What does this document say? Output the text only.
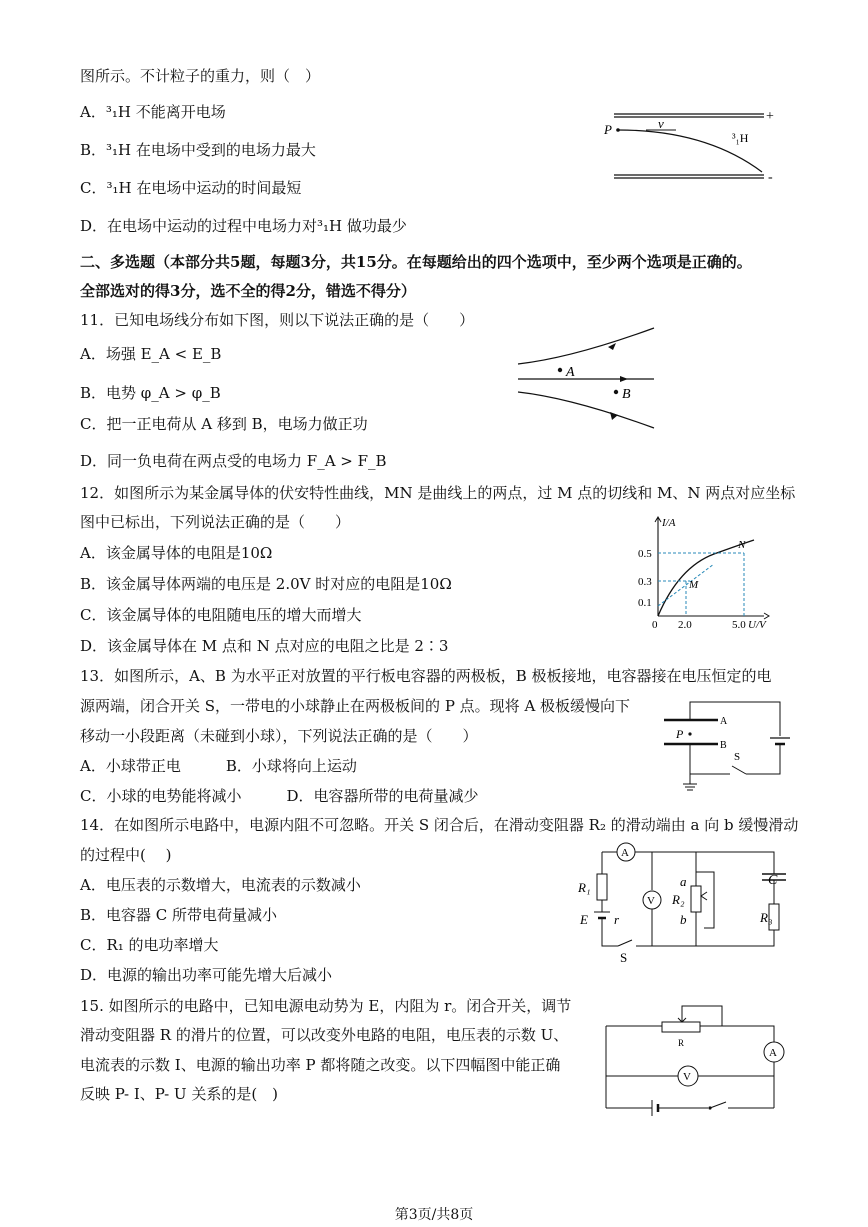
图所示。不计粒子的重力，则（　）
A．³₁H 不能离开电场
B．³₁H 在电场中受到的电场力最大
C．³₁H 在电场中运动的时间最短
D．在电场中运动的过程中电场力对³₁H 做功最少
二、多选题（本部分共5题，每题3分，共15分。在每题给出的四个选项中，至少两个选项是正确的。
全部选对的得3分，选不全的得2分，错选不得分）
11．已知电场线分布如下图，则以下说法正确的是（　　）
A．场强 E_A < E_B
B．电势 φ_A > φ_B
C．把一正电荷从 A 移到 B，电场力做正功
D．同一负电荷在两点受的电场力 F_A > F_B
12．如图所示为某金属导体的伏安特性曲线，MN 是曲线上的两点，过 M 点的切线和 M、N 两点对应坐标
图中已标出，下列说法正确的是（　　）
A．该金属导体的电阻是10Ω
B．该金属导体两端的电压是 2.0V 时对应的电阻是10Ω
C．该金属导体的电阻随电压的增大而增大
D．该金属导体在 M 点和 N 点对应的电阻之比是 2∶3
13．如图所示，A、B 为水平正对放置的平行板电容器的两极板，B 极板接地，电容器接在电压恒定的电
源两端，闭合开关 S，一带电的小球静止在两极板间的 P 点。现将 A 极板缓慢向下
移动一小段距离（未碰到小球），下列说法正确的是（　　）
A．小球带正电　　　B．小球将向上运动
C．小球的电势能将减小　　　D．电容器所带的电荷量减少
14．在如图所示电路中，电源内阻不可忽略。开关 S 闭合后，在滑动变阻器 R₂ 的滑动端由 a 向 b 缓慢滑动
的过程中(　 )
A．电压表的示数增大，电流表的示数减小
B．电容器 C 所带电荷量减小
C．R₁ 的电功率增大
D．电源的输出功率可能先增大后减小
15. 如图所示的电路中，已知电源电动势为 E，内阻为 r。闭合开关，调节
滑动变阻器 R 的滑片的位置，可以改变外电路的电阻，电压表的示数 U、
电流表的示数 I、电源的输出功率 P 都将随之改变。以下四幅图中能正确
反映 P- I、P- U 关系的是(　)
P	v	+
-
³₁H
A
B
I/A
U/V
0.5
0.3
0.1
0 2.0	5.0
M
N
A
B
P
S
A
R₁
E r
S
V
a
R₂
b
C
R₃
R
A
V
第3页/共8页
